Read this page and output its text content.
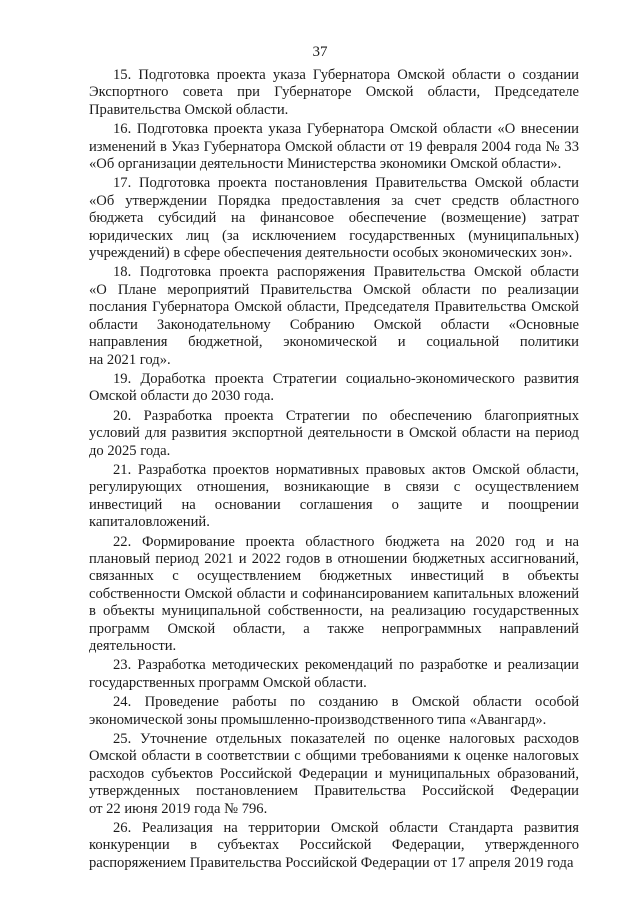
37

15. Подготовка проекта указа Губернатора Омской области о создании
Экспортного совета при Губернаторе Омской области, Председателе
Правительства Омской области.

16. Подготовка проекта указа Губернатора Омской области «О внесении
изменений в Указ Губернатора Омской области от 19 февраля 2004 года № 33
«Об организации деятельности Министерства экономики Омской области».

17. Подготовка проекта постановления Правительства Омской области
«Об утверждении Порядка предоставления за счет средств областного
бюджета субсидий на финансовое обеспечение (возмещение) затрат
юридических лиц (за исключением государственных (муниципальных)
учреждений) в сфере обеспечения деятельности особых экономических зон».

18. Подготовка проекта распоряжения Правительства Омской области
«О Плане мероприятий Правительства Омской области по реализации
послания Губернатора Омской области, Председателя Правительства Омской
области Законодательному Собранию Омской области «Основные
направления бюджетной, экономической и социальной политики
на 2021 год».

19. Доработка проекта Стратегии социально-экономического развития
Омской области до 2030 года.

20. Разработка проекта Стратегии по обеспечению благоприятных
условий для развития экспортной деятельности в Омской области на период
до 2025 года.

21. Разработка проектов нормативных правовых актов Омской области,
регулирующих отношения, возникающие в связи с осуществлением
инвестиций на основании соглашения о защите и поощрении
капиталовложений.

22. Формирование проекта областного бюджета на 2020 год и на
плановый период 2021 и 2022 годов в отношении бюджетных ассигнований,
связанных с осуществлением бюджетных инвестиций в объекты
собственности Омской области и софинансированием капитальных вложений
в объекты муниципальной собственности, на реализацию государственных
программ Омской области, а также непрограммных направлений
деятельности.

23. Разработка методических рекомендаций по разработке и реализации
государственных программ Омской области.

24. Проведение работы по созданию в Омской области особой
экономической зоны промышленно-производственного типа «Авангард».

25. Уточнение отдельных показателей по оценке налоговых расходов
Омской области в соответствии с общими требованиями к оценке налоговых
расходов субъектов Российской Федерации и муниципальных образований,
утвержденных постановлением Правительства Российской Федерации
от 22 июня 2019 года № 796.

26. Реализация на территории Омской области Стандарта развития
конкуренции в субъектах Российской Федерации, утвержденного
распоряжением Правительства Российской Федерации от 17 апреля 2019 года
